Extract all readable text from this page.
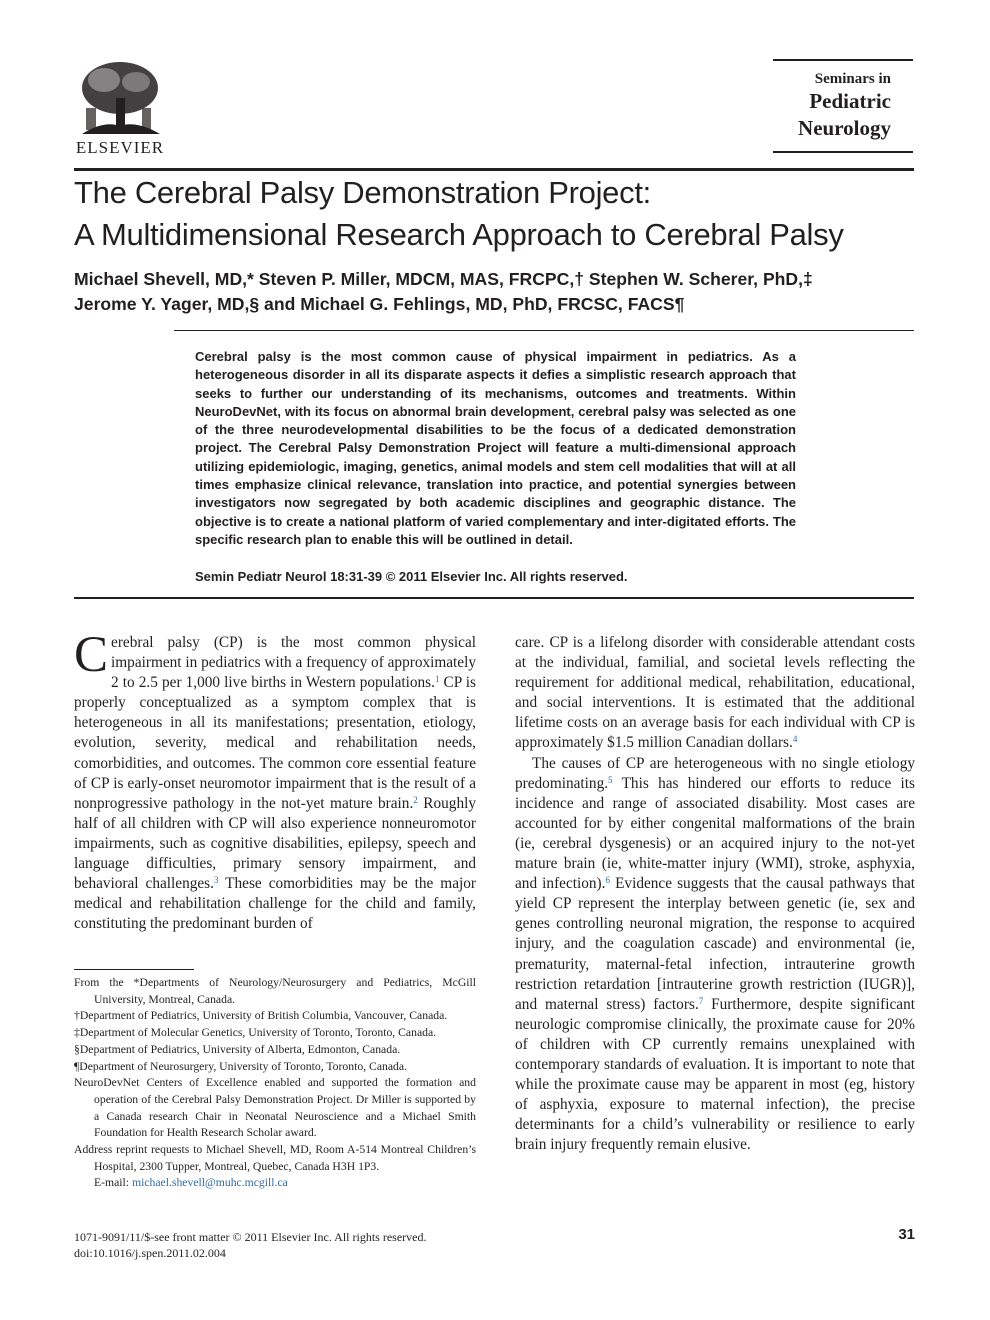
ELSEVIER
Seminars in
Pediatric
Neurology
The Cerebral Palsy Demonstration Project:
A Multidimensional Research Approach to Cerebral Palsy
Michael Shevell, MD,* Steven P. Miller, MDCM, MAS, FRCPC,† Stephen W. Scherer, PhD,‡
Jerome Y. Yager, MD,§ and Michael G. Fehlings, MD, PhD, FRCSC, FACS¶

Cerebral palsy is the most common cause of physical impairment in pediatrics. As a heterogeneous disorder in all its disparate aspects it defies a simplistic research approach that seeks to further our understanding of its mechanisms, outcomes and treatments. Within NeuroDevNet, with its focus on abnormal brain development, cerebral palsy was selected as one of the three neurodevelopmental disabilities to be the focus of a dedicated demonstration project. The Cerebral Palsy Demonstration Project will feature a multi-dimensional approach utilizing epidemiologic, imaging, genetics, animal models and stem cell modalities that will at all times emphasize clinical relevance, translation into practice, and potential synergies between investigators now segregated by both academic disciplines and geographic distance. The objective is to create a national platform of varied complementary and inter-digitated efforts. The specific research plan to enable this will be outlined in detail.

Semin Pediatr Neurol 18:31-39 © 2011 Elsevier Inc. All rights reserved.

Cerebral palsy (CP) is the most common physical impairment in pediatrics with a frequency of approximately 2 to 2.5 per 1,000 live births in Western populations.$^1$ CP is properly conceptualized as a symptom complex that is heterogeneous in all its manifestations; presentation, etiology, evolution, severity, medical and rehabilitation needs, comorbidities, and outcomes. The common core essential feature of CP is early-onset neuromotor impairment that is the result of a nonprogressive pathology in the not-yet mature brain.$^2$ Roughly half of all children with CP will also experience nonneuromotor impairments, such as cognitive disabilities, epilepsy, speech and language difficulties, primary sensory impairment, and behavioral challenges.$^3$ These comorbidities may be the major medical and rehabilitation challenge for the child and family, constituting the predominant burden of

care. CP is a lifelong disorder with considerable attendant costs at the individual, familial, and societal levels reflecting the requirement for additional medical, rehabilitation, educational, and social interventions. It is estimated that the additional lifetime costs on an average basis for each individual with CP is approximately $1.5 million Canadian dollars.$^4$

The causes of CP are heterogeneous with no single etiology predominating.$^5$ This has hindered our efforts to reduce its incidence and range of associated disability. Most cases are accounted for by either congenital malformations of the brain (ie, cerebral dysgenesis) or an acquired injury to the not-yet mature brain (ie, white-matter injury (WMI), stroke, asphyxia, and infection).$^6$ Evidence suggests that the causal pathways that yield CP represent the interplay between genetic (ie, sex and genes controlling neuronal migration, the response to acquired injury, and the coagulation cascade) and environmental (ie, prematurity, maternal-fetal infection, intrauterine growth restriction retardation [intrauterine growth restriction (IUGR)], and maternal stress) factors.$^7$ Furthermore, despite significant neurologic compromise clinically, the proximate cause for 20% of children with CP currently remains unexplained with contemporary standards of evaluation. It is important to note that while the proximate cause may be apparent in most (eg, history of asphyxia, exposure to maternal infection), the precise determinants for a child’s vulnerability or resilience to early brain injury frequently remain elusive.

From the *Departments of Neurology/Neurosurgery and Pediatrics, McGill University, Montreal, Canada.
†Department of Pediatrics, University of British Columbia, Vancouver, Canada.
‡Department of Molecular Genetics, University of Toronto, Toronto, Canada.
§Department of Pediatrics, University of Alberta, Edmonton, Canada.
¶Department of Neurosurgery, University of Toronto, Toronto, Canada.
NeuroDevNet Centers of Excellence enabled and supported the formation and operation of the Cerebral Palsy Demonstration Project. Dr Miller is supported by a Canada research Chair in Neonatal Neuroscience and a Michael Smith Foundation for Health Research Scholar award.
Address reprint requests to Michael Shevell, MD, Room A-514 Montreal Children’s Hospital, 2300 Tupper, Montreal, Quebec, Canada H3H 1P3.
E-mail: michael.shevell@muhc.mcgill.ca
1071-9091/11/$-see front matter © 2011 Elsevier Inc. All rights reserved.
doi:10.1016/j.spen.2011.02.004
31
